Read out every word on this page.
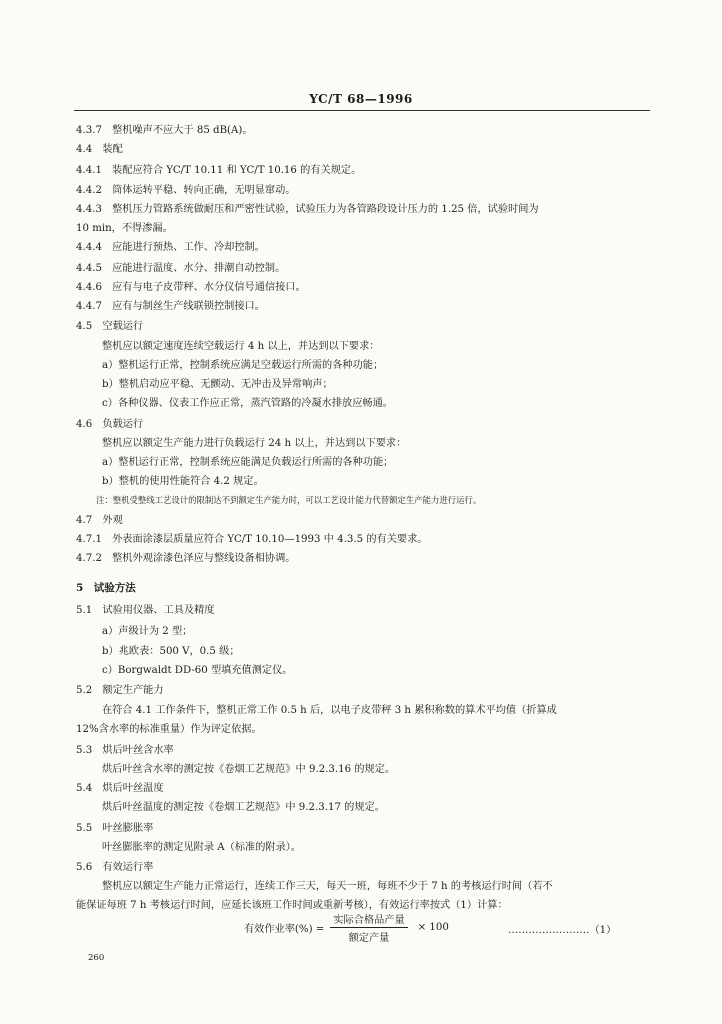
YC/T 68—1996
4.3.7　整机噪声不应大于 85 dB(A)。
4.4　装配
4.4.1　装配应符合 YC/T 10.11 和 YC/T 10.16 的有关规定。
4.4.2　筒体运转平稳、转向正确，无明显窜动。
4.4.3　整机压力管路系统做耐压和严密性试验，试验压力为各管路段设计压力的 1.25 倍，试验时间为
10 min，不得渗漏。
4.4.4　应能进行预热、工作、冷却控制。
4.4.5　应能进行温度、水分、排潮自动控制。
4.4.6　应有与电子皮带秤、水分仪信号通信接口。
4.4.7　应有与制丝生产线联锁控制接口。
4.5　空载运行
整机应以额定速度连续空载运行 4 h 以上，并达到以下要求：
a）整机运行正常，控制系统应满足空载运行所需的各种功能；
b）整机启动应平稳、无颤动、无冲击及异常响声；
c）各种仪器、仪表工作应正常，蒸汽管路的冷凝水排放应畅通。
4.6　负载运行
整机应以额定生产能力进行负载运行 24 h 以上，并达到以下要求：
a）整机运行正常，控制系统应能满足负载运行所需的各种功能；
b）整机的使用性能符合 4.2 规定。
注：整机受整线工艺设计的限制达不到额定生产能力时，可以工艺设计能力代替额定生产能力进行运行。
4.7　外观
4.7.1　外表面涂漆层质量应符合 YC/T 10.10—1993 中 4.3.5 的有关要求。
4.7.2　整机外观涂漆色泽应与整线设备相协调。
5　试验方法
5.1　试验用仪器、工具及精度
a）声级计为 2 型；
b）兆欧表：500 V，0.5 级；
c）Borgwaldt DD-60 型填充值测定仪。
5.2　额定生产能力
在符合 4.1 工作条件下，整机正常工作 0.5 h 后，以电子皮带秤 3 h 累积称数的算术平均值（折算成
12%含水率的标准重量）作为评定依据。
5.3　烘后叶丝含水率
烘后叶丝含水率的测定按《卷烟工艺规范》中 9.2.3.16 的规定。
5.4　烘后叶丝温度
烘后叶丝温度的测定按《卷烟工艺规范》中 9.2.3.17 的规定。
5.5　叶丝膨胀率
叶丝膨胀率的测定见附录 A（标准的附录）。
5.6　有效运行率
整机应以额定生产能力正常运行，连续工作三天，每天一班，每班不少于 7 h 的考核运行时间（若不
能保证每班 7 h 考核运行时间，应延长该班工作时间或重新考核），有效运行率按式（1）计算：
有效作业率(%) = $\frac{\text{实际合格品产量}}{\text{额定产量}} \times 100$	……………………（1）
260
